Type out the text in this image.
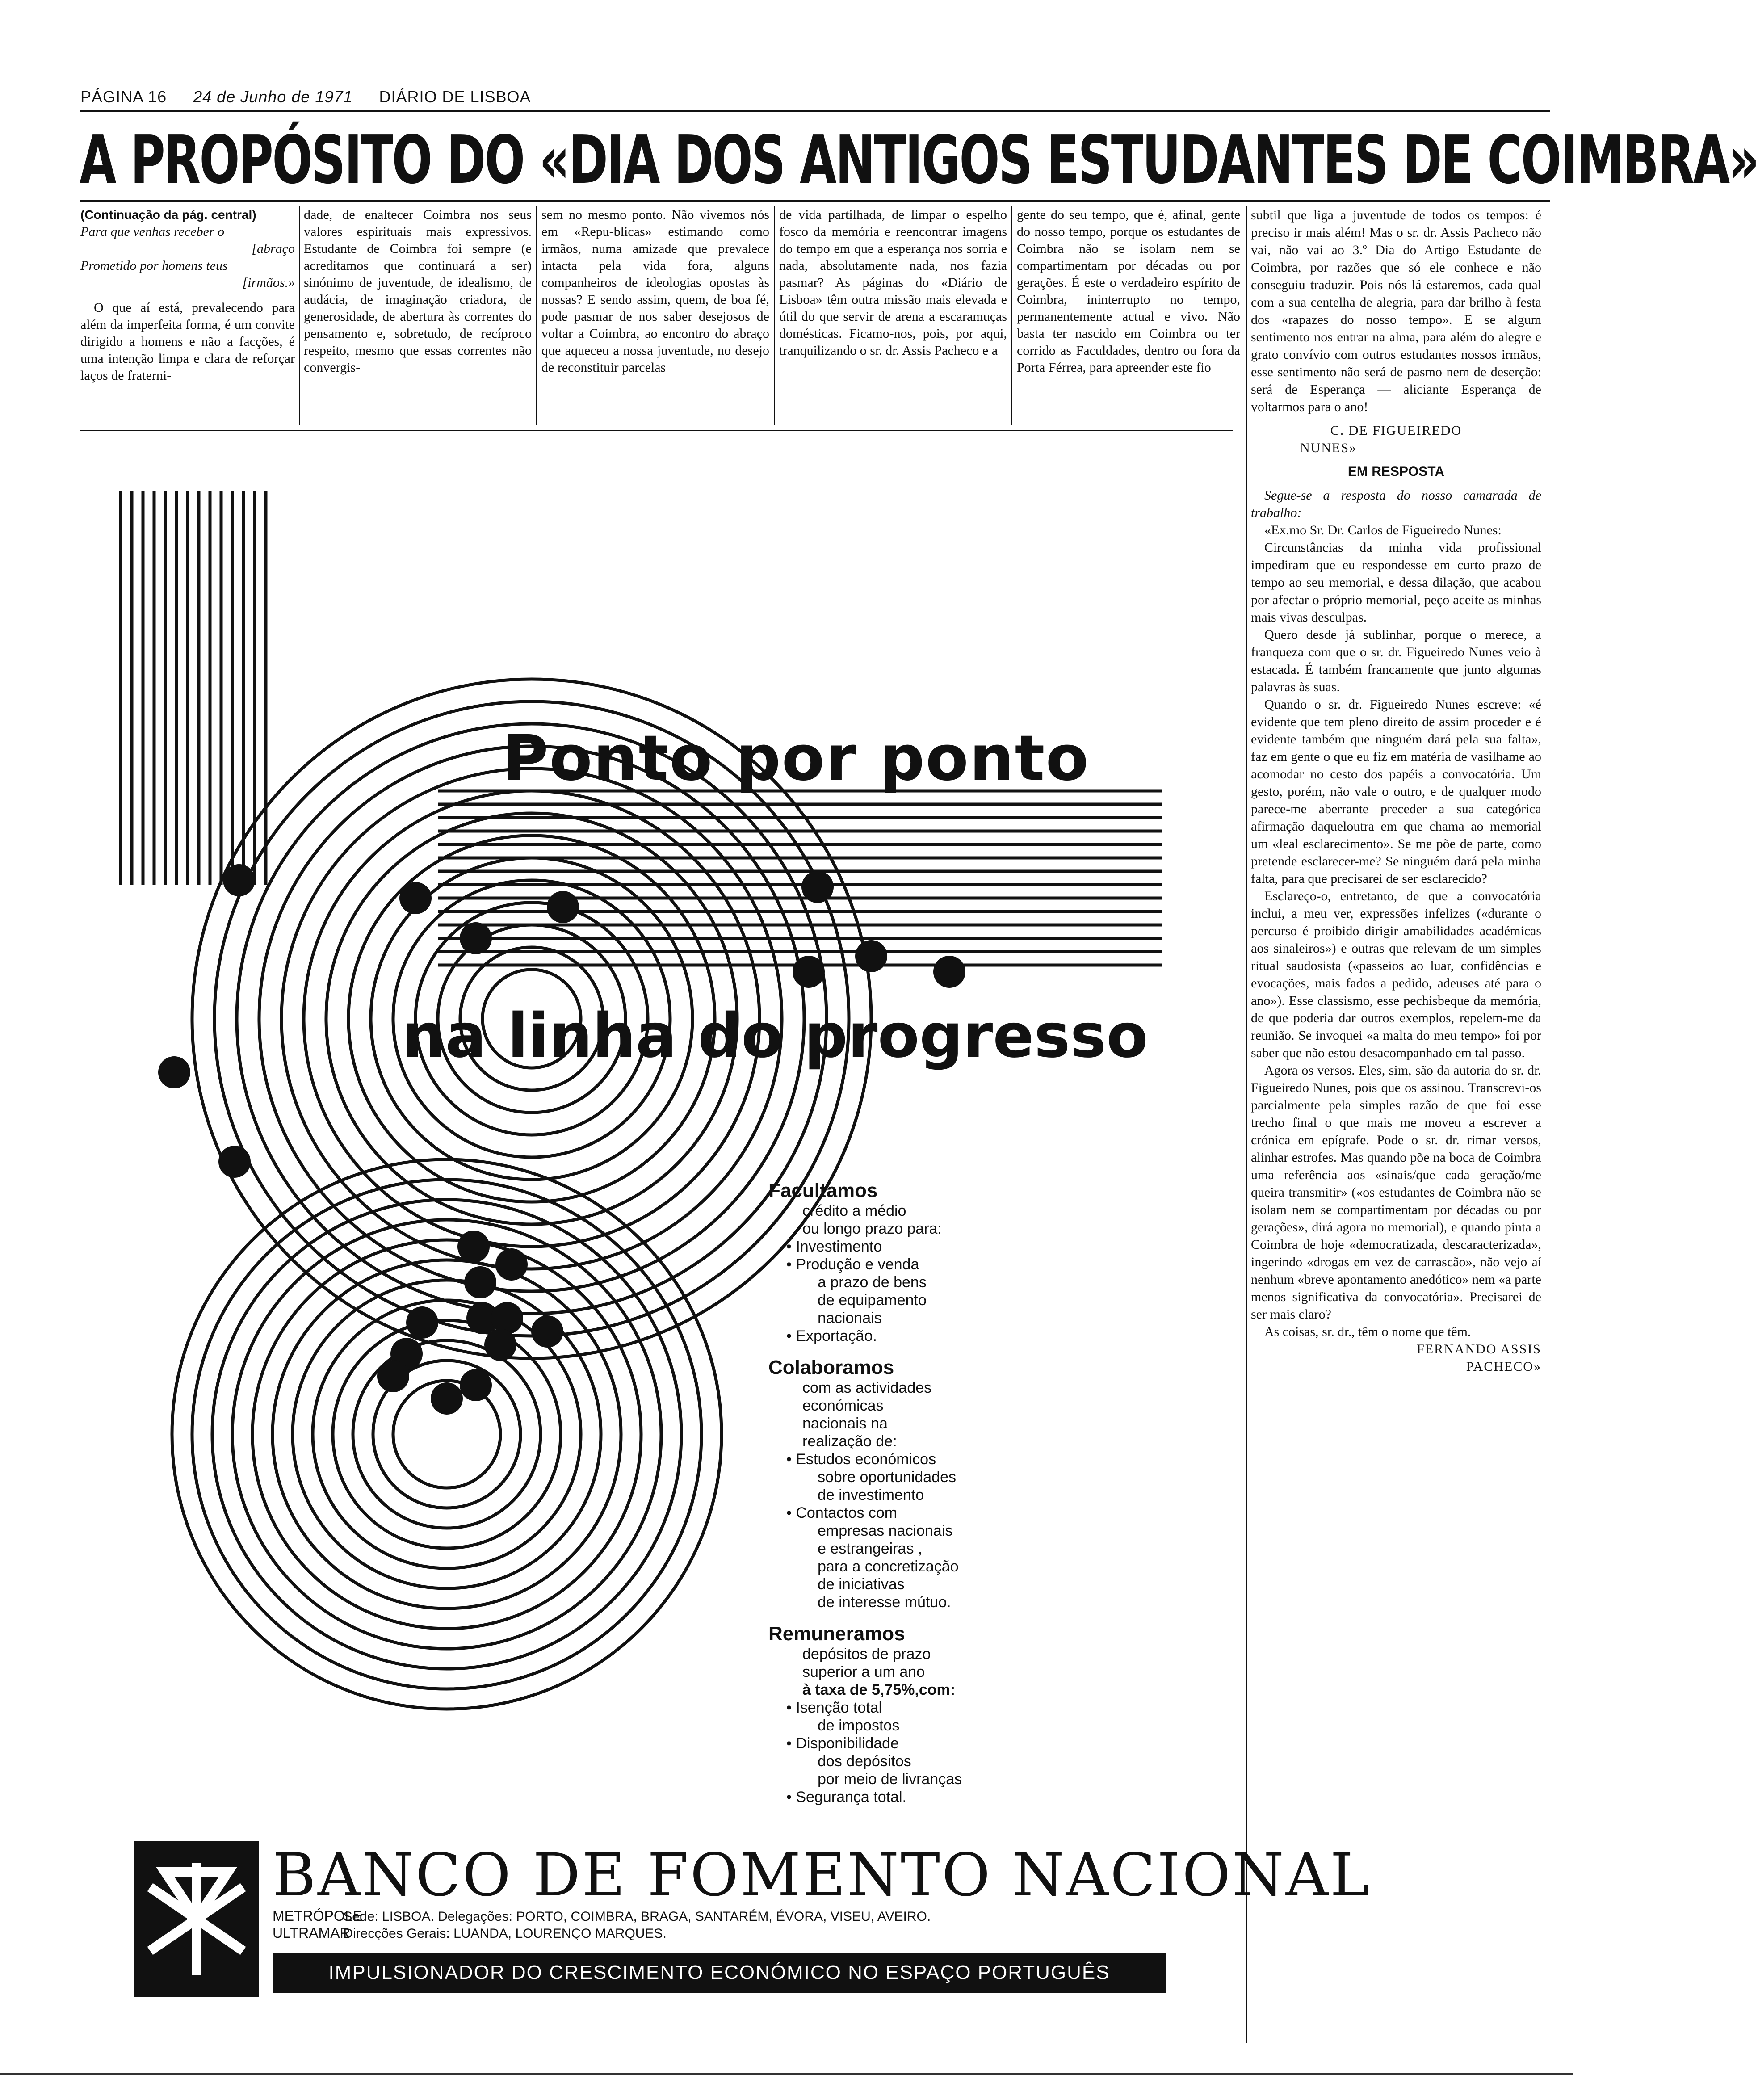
PÁGINA 16 24 de Junho de 1971 DIÁRIO DE LISBOA
A PROPÓSITO DO «DIA DOS ANTIGOS ESTUDANTES DE COIMBRA»

(Continuação da pág. central)

Para que venhas receber o

[abraço

Prometido por homens teus

[irmãos.»

O que aí está, prevalecendo para além da imperfeita forma, é um convite dirigido a homens e não a facções, é uma intenção limpa e clara de reforçar laços de fraterni-

dade, de enaltecer Coimbra nos seus valores espirituais mais expressivos. Estudante de Coimbra foi sempre (e acreditamos que continuará a ser) sinónimo de juventude, de idealismo, de audácia, de imaginação criadora, de generosidade, de abertura às correntes do pensamento e, sobretudo, de recíproco respeito, mesmo que essas correntes não convergis-
sem no mesmo ponto. Não vivemos nós em «Repu-blicas» estimando como irmãos, numa amizade que prevalece intacta pela vida fora, alguns companheiros de ideologias opostas às nossas? E sendo assim, quem, de boa fé, pode pasmar de nos saber desejosos de voltar a Coimbra, ao encontro do abraço que aqueceu a nossa juventude, no desejo de reconstituir parcelas
de vida partilhada, de limpar o espelho fosco da memória e reencontrar imagens do tempo em que a esperança nos sorria e nada, absolutamente nada, nos fazia pasmar? As páginas do «Diário de Lisboa» têm outra missão mais elevada e útil do que servir de arena a escaramuças domésticas. Ficamo-nos, pois, por aqui, tranquilizando o sr. dr. Assis Pacheco e a
gente do seu tempo, que é, afinal, gente do nosso tempo, porque os estudantes de Coimbra não se isolam nem se compartimentam por décadas ou por gerações. É este o verdadeiro espírito de Coimbra, ininterrupto no tempo, permanentemente actual e vivo. Não basta ter nascido em Coimbra ou ter corrido as Faculdades, dentro ou fora da Porta Férrea, para apreender este fio

subtil que liga a juventude de todos os tempos: é preciso ir mais além! Mas o sr. dr. Assis Pacheco não vai, não vai ao 3.º Dia do Artigo Estudante de Coimbra, por razões que só ele conhece e não conseguiu traduzir. Pois nós lá estaremos, cada qual com a sua centelha de alegria, para dar brilho à festa dos «rapazes do nosso tempo». E se algum sentimento nos entrar na alma, para além do alegre e grato convívio com outros estudantes nossos irmãos, esse sentimento não será de pasmo nem de deserção: será de Esperança — aliciante Esperança de voltarmos para o ano!

C. DE FIGUEIREDO

NUNES»

EM RESPOSTA

Segue-se a resposta do nosso camarada de trabalho:

«Ex.mo Sr. Dr. Carlos de Figueiredo Nunes:

Circunstâncias da minha vida profissional impediram que eu respondesse em curto prazo de tempo ao seu memorial, e dessa dilação, que acabou por afectar o próprio memorial, peço aceite as minhas mais vivas desculpas.

Quero desde já sublinhar, porque o merece, a franqueza com que o sr. dr. Figueiredo Nunes veio à estacada. É também francamente que junto algumas palavras às suas.

Quando o sr. dr. Figueiredo Nunes escreve: «é evidente que tem pleno direito de assim proceder e é evidente também que ninguém dará pela sua falta», faz em gente o que eu fiz em matéria de vasilhame ao acomodar no cesto dos papéis a convocatória. Um gesto, porém, não vale o outro, e de qualquer modo parece-me aberrante preceder a sua categórica afirmação daqueloutra em que chama ao memorial um «leal esclarecimento». Se me põe de parte, como pretende esclarecer-me? Se ninguém dará pela minha falta, para que precisarei de ser esclarecido?

Esclareço-o, entretanto, de que a convocatória inclui, a meu ver, expressões infelizes («durante o percurso é proibido dirigir amabilidades académicas aos sinaleiros») e outras que relevam de um simples ritual saudosista («passeios ao luar, confidências e evocações, mais fados a pedido, adeuses até para o ano»). Esse classismo, esse pechisbeque da memória, de que poderia dar outros exemplos, repelem-me da reunião. Se invoquei «a malta do meu tempo» foi por saber que não estou desacompanhado em tal passo.

Agora os versos. Eles, sim, são da autoria do sr. dr. Figueiredo Nunes, pois que os assinou. Transcrevi-os parcialmente pela simples razão de que foi esse trecho final o que mais me moveu a escrever a crónica em epígrafe. Pode o sr. dr. rimar versos, alinhar estrofes. Mas quando põe na boca de Coimbra uma referência aos «sinais/que cada geração/me queira transmitir» («os estudantes de Coimbra não se isolam nem se compartimentam por décadas ou por gerações», dirá agora no memorial), e quando pinta a Coimbra de hoje «democratizada, descaracterizada», ingerindo «drogas em vez de carrascão», não vejo aí nenhum «breve apontamento anedótico» nem «a parte menos significativa da convocatória». Precisarei de ser mais claro?

As coisas, sr. dr., têm o nome que têm.

FERNANDO ASSIS

PACHECO»

Ponto por ponto
na linha do progresso
Facultamos
crédito a médio
ou longo prazo para:
• Investimento
• Produção e venda
a prazo de bens
de equipamento
nacionais
• Exportação.
Colaboramos
com as actividades
económicas
nacionais na
realização de:
• Estudos económicos
sobre oportunidades
de investimento
• Contactos com
empresas nacionais
e estrangeiras ,
para a concretização
de iniciativas
de interesse mútuo.
Remuneramos
depósitos de prazo
superior a um ano
à taxa de 5,75%,com:
• Isenção total
de impostos
• Disponibilidade
dos depósitos
por meio de livranças
• Segurança total.
BANCO DE FOMENTO NACIONAL
METRÓPOLE Sede: LISBOA. Delegações: PORTO, COIMBRA, BRAGA, SANTARÉM, ÉVORA, VISEU, AVEIRO.
ULTRAMAR Direcções Gerais: LUANDA, LOURENÇO MARQUES.
IMPULSIONADOR DO CRESCIMENTO ECONÓMICO NO ESPAÇO PORTUGUÊS
